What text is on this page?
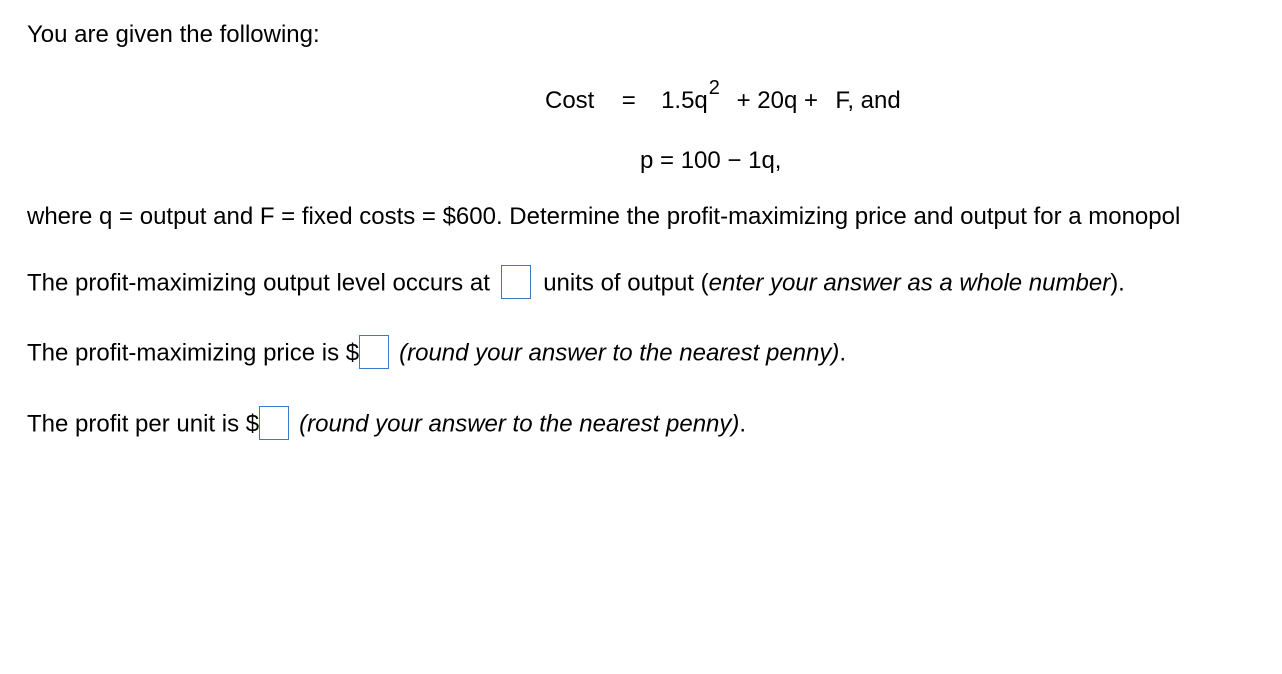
You are given the following:
Cost = $1.5q^2 + 20q + F$, and
p = 100 − 1q,
where q = output and F = fixed costs = $600. Determine the profit-maximizing price and output for a monopol
The profit-maximizing output level occurs at units of output (enter your answer as a whole number).
The profit-maximizing price is $ (round your answer to the nearest penny).
The profit per unit is $ (round your answer to the nearest penny).
